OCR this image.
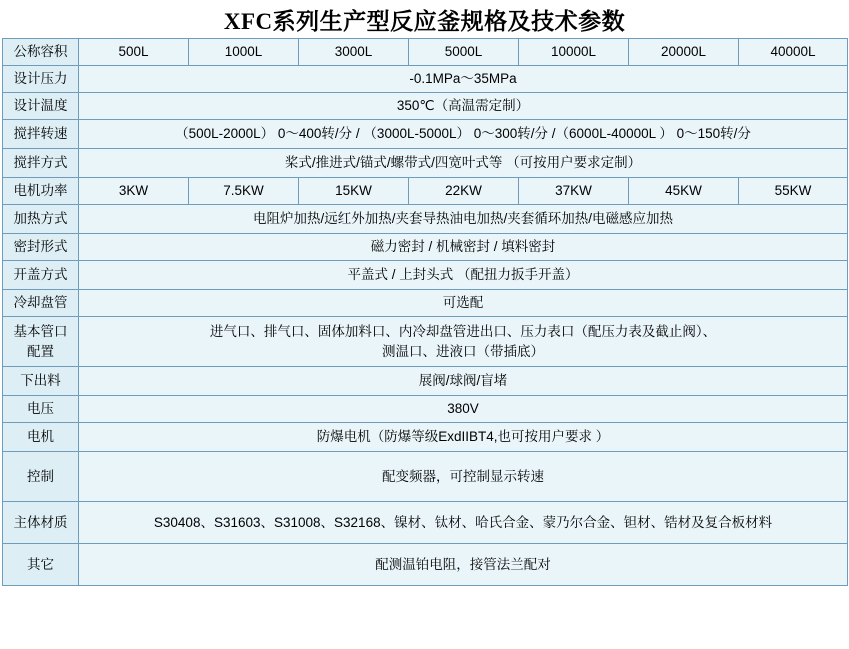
XFC系列生产型反应釜规格及技术参数
公称容积	500L	1000L	3000L	5000L	10000L	20000L	40000L
设计压力	-0.1MPa～35MPa						
设计温度	350℃（高温需定制）						
搅拌转速	（500L-2000L） 0～400转/分 / （3000L-5000L） 0～300转/分 /（6000L-40000L ） 0～150转/分						
搅拌方式	桨式/推进式/锚式/螺带式/四宽叶式等 （可按用户要求定制）						
电机功率	3KW	7.5KW	15KW	22KW	37KW	45KW	55KW
加热方式	电阻炉加热/远红外加热/夹套导热油电加热/夹套循环加热/电磁感应加热						
密封形式	磁力密封 / 机械密封 / 填料密封						
开盖方式	平盖式 / 上封头式 （配扭力扳手开盖）						
冷却盘管	可选配						

基本管口
配置	进气口、排气口、固体加料口、内冷却盘管进出口、压力表口（配压力表及截止阀）、
测温口、进液口（带插底）						

下出料	展阀/球阀/盲堵						
电压	380V						
电机	防爆电机（防爆等级ExdIIBT4,也可按用户要求 ）						
控制	配变频器，可控制显示转速						
主体材质	S30408、S31603、S31008、S32168、镍材、钛材、哈氏合金、蒙乃尔合金、钽材、锆材及复合板材料						
其它	配测温铂电阻，接管法兰配对						
